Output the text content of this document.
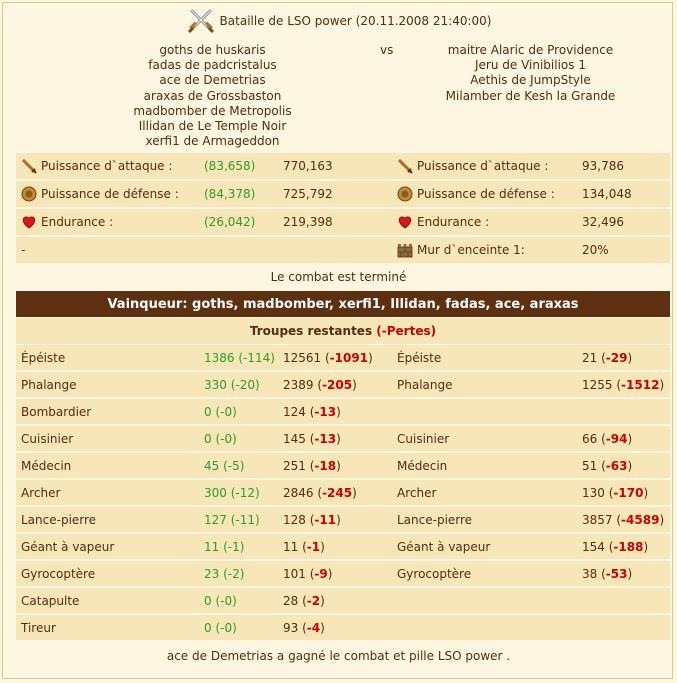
Bataille de LSO power (20.11.2008 21:40:00)
goths de huskaris
fadas de padcristalus
ace de Demetrias
araxas de Grossbaston
madbomber de Metropolis
Illidan de Le Temple Noir
xerfi1 de Armageddon
vs	maitre Alaric de Providence
Jeru de Vinibilios 1
Aethis de JumpStyle
Milamber de Kesh la Grande
Puissance d`attaque :	(83,658) 770,163	Puissance d`attaque :	93,786
Puissance de défense : (84,378) 725,792	Puissance de défense : 134,048
Endurance :	(26,042) 219,398	Endurance :	32,496
-	Mur d`enceinte 1:	20%
Le combat est terminé
Vainqueur: goths, madbomber, xerfi1, Illidan, fadas, ace, araxas
Troupes restantes
(-Pertes)
Épéiste	1386 (-114) 12561 ( -1091 ) Épéiste	21 ( -29 )
Phalange	330 (-20) 2389 ( -205 )	Phalange	1255 ( -1512 )
Bombardier	0 (-0)	124 ( -13 )
Cuisinier	0 (-0)	145 ( -13 )	Cuisinier	66 ( -94 )
Médecin	45 (-5)	251 ( -18 )	Médecin	51 ( -63 )
Archer	300 (-12) 2846 ( -245 )	Archer	130 ( -170 )
Lance-pierre	127 (-11) 128 ( -11 )	Lance-pierre	3857 ( -4589 )
Géant à vapeur	11 (-1)	11 ( -1 )	Géant à vapeur	154 ( -188 )
Gyrocoptère	23 (-2)	101 ( -9 )	Gyrocoptère	38 ( -53 )
Catapulte	0 (-0)	28 ( -2 )
Tireur	0 (-0)	93 ( -4 )
ace de Demetrias a gagné le combat et pille LSO power .
